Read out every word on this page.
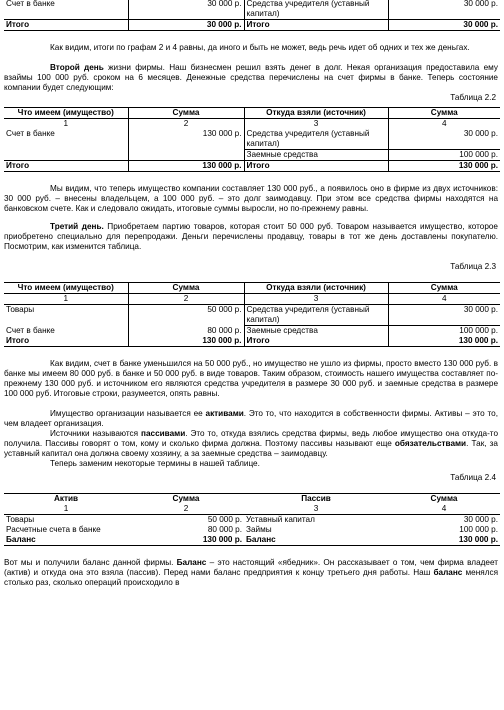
Счет в банке	30 000 р.	Средства учредителя (уставный капитал)	30 000 р.
Итого	30 000 р.	Итого	30 000 р.

Как видим, итоги по графам 2 и 4 равны, да иного и быть не может, ведь речь идет об одних и тех же деньгах.

Второй день жизни фирмы. Наш бизнесмен решил взять денег в долг. Некая организация предоставила ему взаймы 100 000 руб. сроком на 6 месяцев. Денежные средства перечислены на счет фирмы в банке. Теперь состояние компании будет следующим:

Таблица 2.2

Что имеем (имущество)	Сумма	Откуда взяли (источник)	Сумма
1	2	3	4
Счет в банке	130 000 р.	Средства учредителя (уставный капитал)	30 000 р.
		Заемные средства	100 000 р.
Итого	130 000 р.	Итого	130 000 р.

Мы видим, что теперь имущество компании составляет 130 000 руб., а появилось оно в фирме из двух источников: 30 000 руб. – внесены владельцем, а 100 000 руб. – это долг заимодавцу. При этом все средства фирмы находятся на банковском счете. Как и следовало ожидать, итоговые суммы выросли, но по-прежнему равны.

Третий день. Приобретаем партию товаров, которая стоит 50 000 руб. Товаром называется имущество, которое приобретено специально для перепродажи. Деньги перечислены продавцу, товары в тот же день доставлены покупателю. Посмотрим, как изменится таблица.

Таблица 2.3

Что имеем (имущество)	Сумма	Откуда взяли (источник)	Сумма
1	2	3	4
Товары	50 000 р.	Средства учредителя (уставный капитал)	30 000 р.
Счет в банке	80 000 р.	Заемные средства	100 000 р.
Итого	130 000 р.	Итого	130 000 р.

Как видим, счет в банке уменьшился на 50 000 руб., но имущество не ушло из фирмы, просто вместо 130 000 руб. в банке мы имеем 80 000 руб. в банке и 50 000 руб. в виде товаров. Таким образом, стоимость нашего имущества составляет по-прежнему 130 000 руб. и источником его являются средства учредителя в размере 30 000 руб. и заемные средства в размере 100 000 руб. Итоговые строки, разумеется, опять равны.

Имущество организации называется ее активами. Это то, что находится в собственности фирмы. Активы – это то, чем владеет организация.

Источники называются пассивами. Это то, откуда взялись средства фирмы, ведь любое имущество она откуда-то получила. Пассивы говорят о том, кому и сколько фирма должна. Поэтому пассивы называют еще обязательствами. Так, за уставный капитал она должна своему хозяину, а за заемные средства – заимодавцу.

Теперь заменим некоторые термины в нашей таблице.

Таблица 2.4

Актив	Сумма	Пассив	Сумма
1	2	3	4
Товары	50 000 р.	Уставный капитал	30 000 р.
Расчетные счета в банке	80 000 р.	Займы	100 000 р.
Баланс	130 000 р.	Баланс	130 000 р.

Вот мы и получили баланс данной фирмы. Баланс – это настоящий «ябедник». Он рассказывает о том, чем фирма владеет (актив) и откуда она это взяла (пассив). Перед нами баланс предприятия к концу третьего дня работы. Наш баланс менялся столько раз, сколько операций происходило в
